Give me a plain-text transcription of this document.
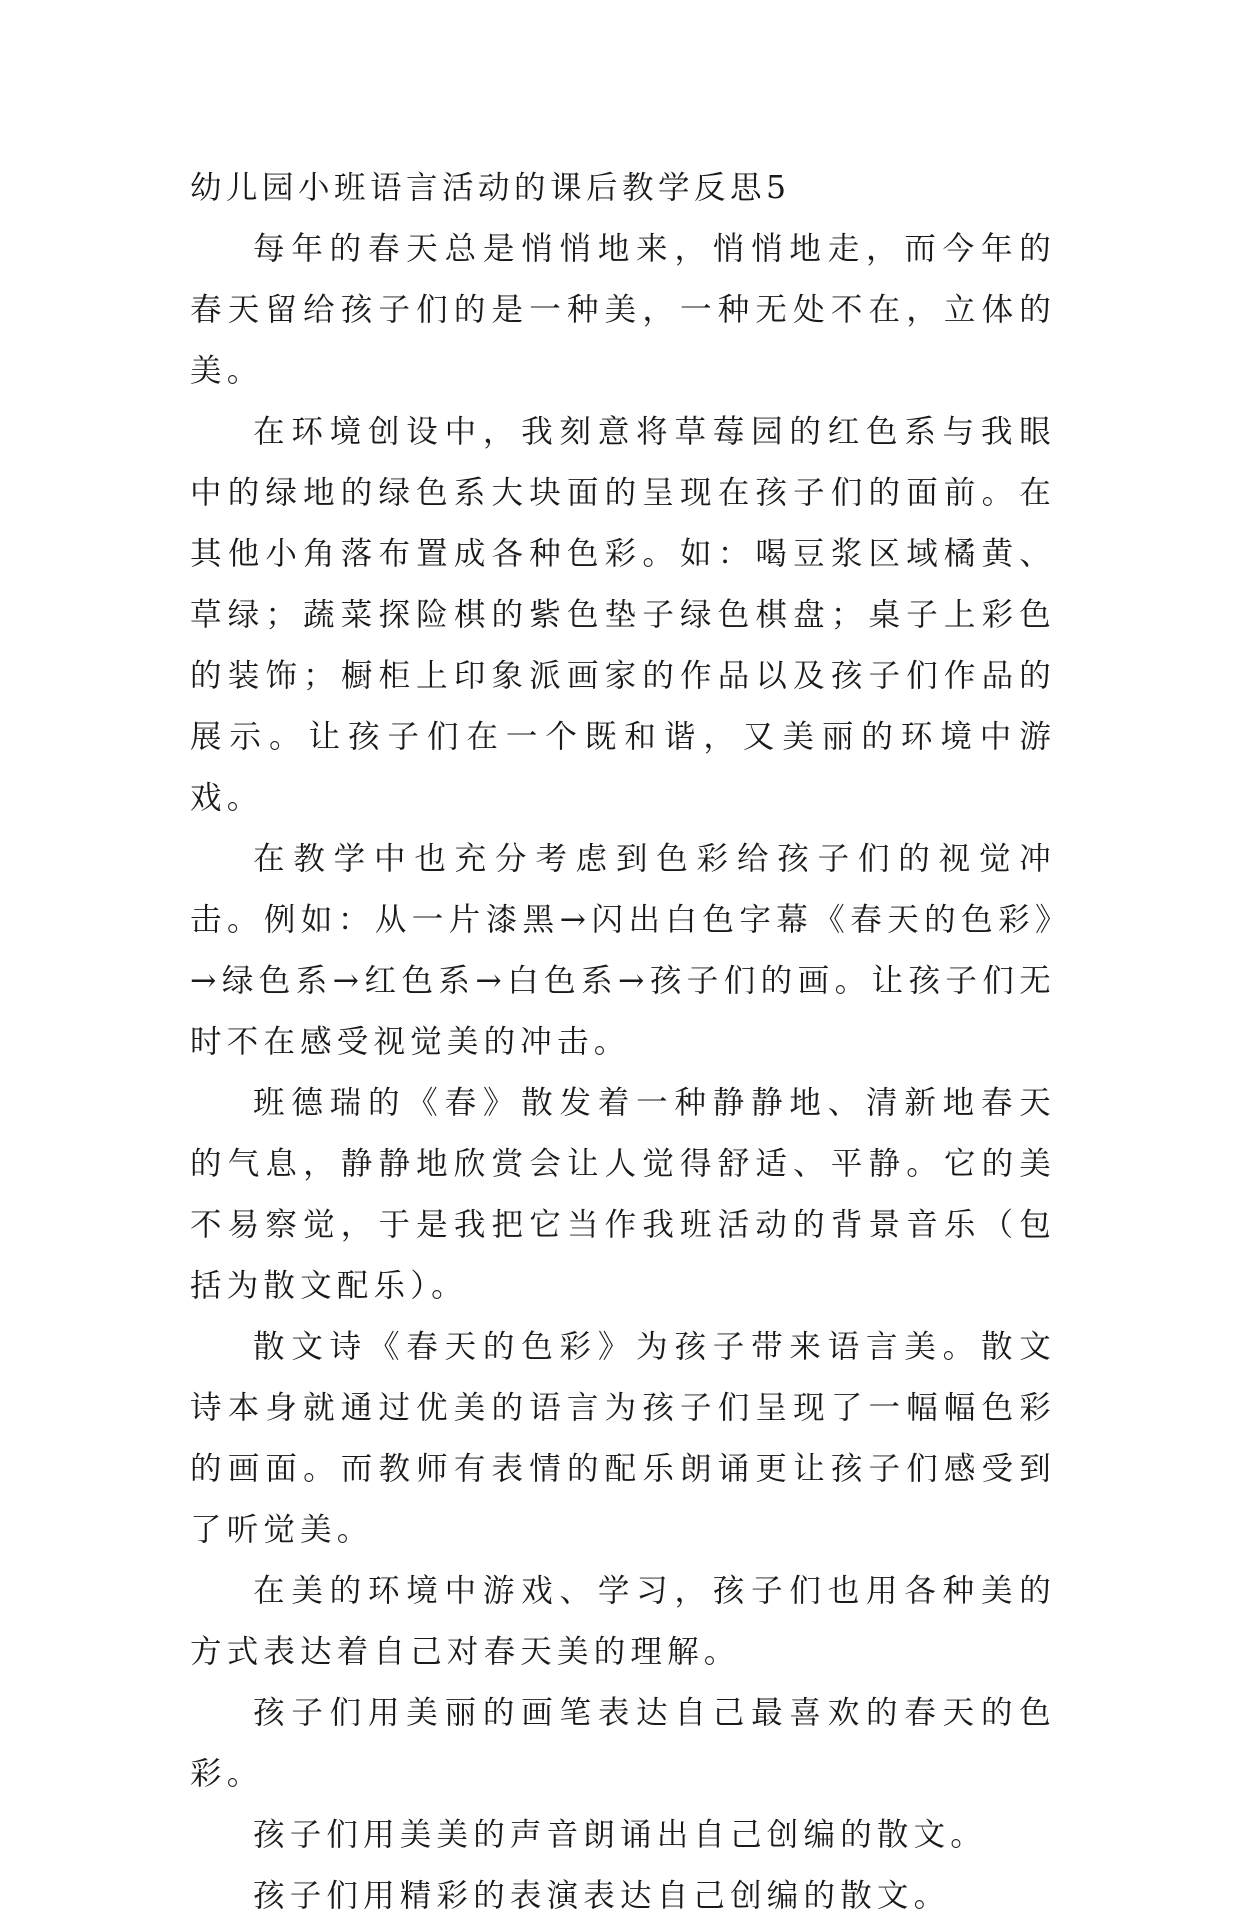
幼儿园小班语言活动的课后教学反思5

每年的春天总是悄悄地来，悄悄地走，而今年的春天留给孩子们的是一种美，一种无处不在，立体的美。

在环境创设中，我刻意将草莓园的红色系与我眼中的绿地的绿色系大块面的呈现在孩子们的面前。在其他小角落布置成各种色彩。如：喝豆浆区域橘黄、草绿；蔬菜探险棋的紫色垫子绿色棋盘；桌子上彩色的装饰；橱柜上印象派画家的作品以及孩子们作品的展示。让孩子们在一个既和谐，又美丽的环境中游戏。

在教学中也充分考虑到色彩给孩子们的视觉冲击。例如：从一片漆黑→闪出白色字幕《春天的色彩》→绿色系→红色系→白色系→孩子们的画。让孩子们无时不在感受视觉美的冲击。

班德瑞的《春》散发着一种静静地、清新地春天的气息，静静地欣赏会让人觉得舒适、平静。它的美不易察觉，于是我把它当作我班活动的背景音乐（包括为散文配乐）。

散文诗《春天的色彩》为孩子带来语言美。散文诗本身就通过优美的语言为孩子们呈现了一幅幅色彩的画面。而教师有表情的配乐朗诵更让孩子们感受到了听觉美。

在美的环境中游戏、学习，孩子们也用各种美的方式表达着自己对春天美的理解。

孩子们用美丽的画笔表达自己最喜欢的春天的色彩。

孩子们用美美的声音朗诵出自己创编的散文。

孩子们用精彩的表演表达自己创编的散文。
